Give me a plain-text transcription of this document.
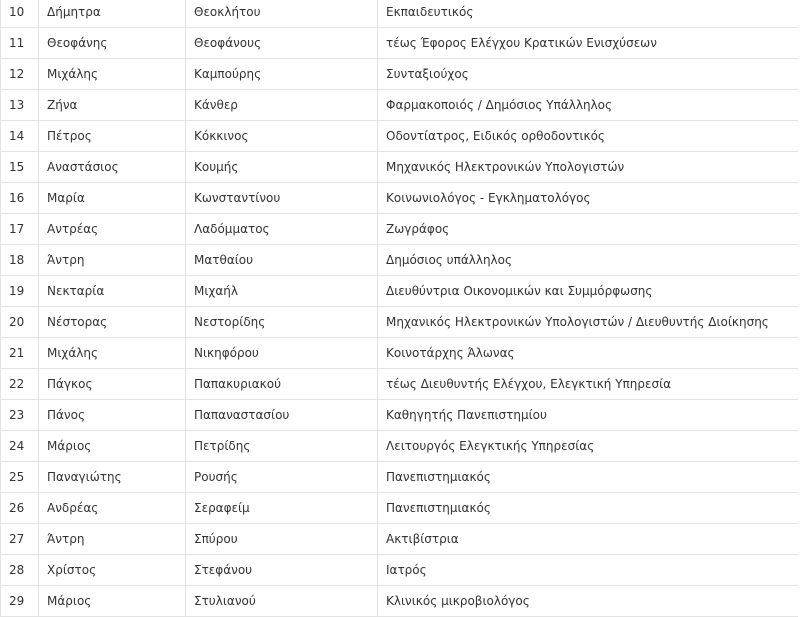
10	Δήμητρα	Θεοκλήτου	Εκπαιδευτικός
11	Θεοφάνης	Θεοφάνους	τέως Έφορος Ελέγχου Κρατικών Ενισχύσεων
12	Μιχάλης	Καμπούρης	Συνταξιούχος
13	Ζήνα	Κάνθερ	Φαρμακοποιός / Δημόσιος Υπάλληλος
14	Πέτρος	Κόκκινος	Οδοντίατρος, Ειδικός ορθοδοντικός
15	Αναστάσιος	Κουμής	Μηχανικός Ηλεκτρονικών Υπολογιστών
16	Μαρία	Κωνσταντίνου	Κοινωνιολόγος - Εγκληματολόγος
17	Αντρέας	Λαδόμματος	Ζωγράφος
18	Άντρη	Ματθαίου	Δημόσιος υπάλληλος
19	Νεκταρία	Μιχαήλ	Διευθύντρια Οικονομικών και Συμμόρφωσης
20	Νέστορας	Νεστορίδης	Μηχανικός Ηλεκτρονικών Υπολογιστών / Διευθυντής Διοίκησης
21	Μιχάλης	Νικηφόρου	Κοινοτάρχης Άλωνας
22	Πάγκος	Παπακυριακού	τέως Διευθυντής Ελέγχου, Ελεγκτική Υπηρεσία
23	Πάνος	Παπαναστασίου	Καθηγητής Πανεπιστημίου
24	Μάριος	Πετρίδης	Λειτουργός Ελεγκτικής Υπηρεσίας
25	Παναγιώτης	Ρουσής	Πανεπιστημιακός
26	Ανδρέας	Σεραφείμ	Πανεπιστημιακός
27	Άντρη	Σπύρου	Ακτιβίστρια
28	Χρίστος	Στεφάνου	Ιατρός
29	Μάριος	Στυλιανού	Κλινικός μικροβιολόγος
